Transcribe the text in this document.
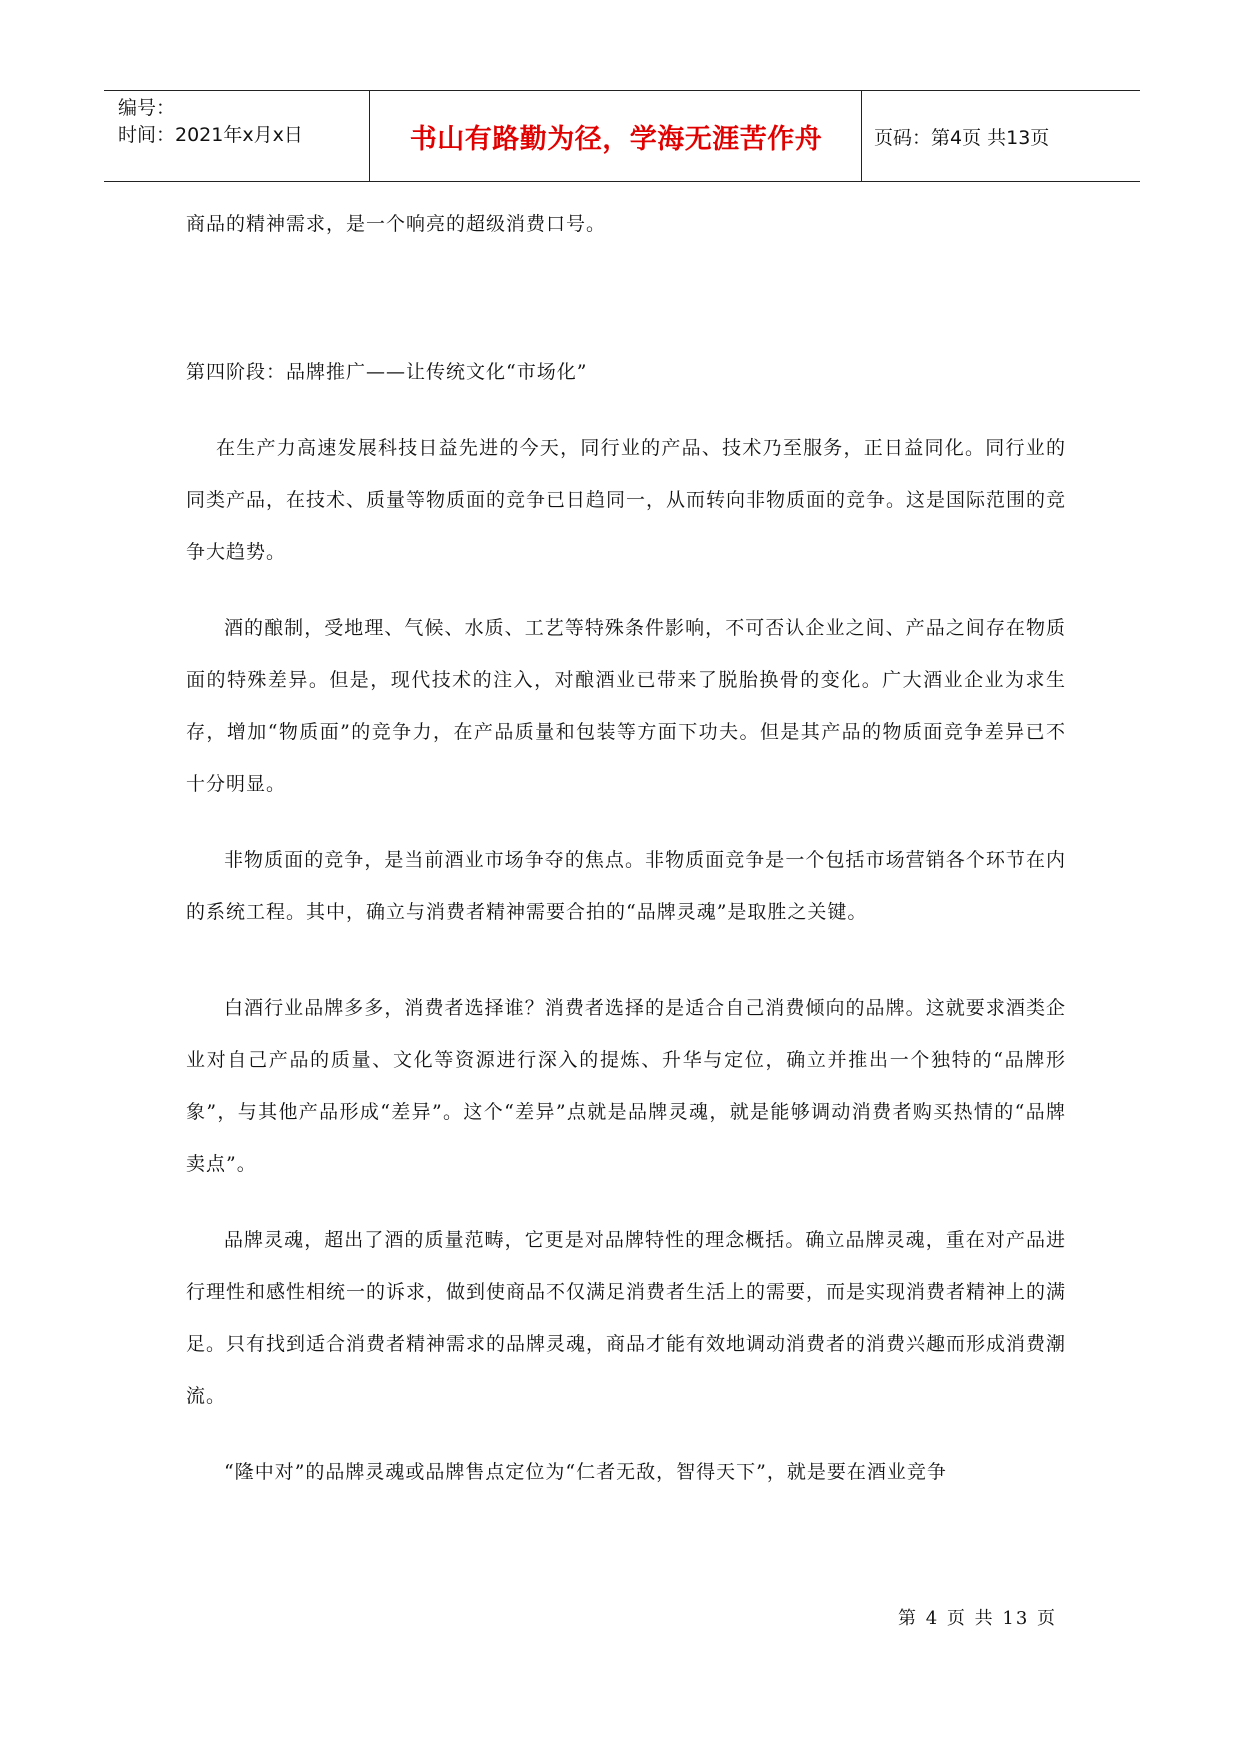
编号：
时间：2021年x月x日	书山有路勤为径，学海无涯苦作舟	页码：第4页 共13页

商品的精神需求，是一个响亮的超级消费口号。

第四阶段：品牌推广——让传统文化“市场化”

在生产力高速发展科技日益先进的今天，同行业的产品、技术乃至服务，正日益同化。同行业的同类产品，在技术、质量等物质面的竞争已日趋同一，从而转向非物质面的竞争。这是国际范围的竞争大趋势。

酒的酿制，受地理、气候、水质、工艺等特殊条件影响，不可否认企业之间、产品之间存在物质面的特殊差异。但是，现代技术的注入，对酿酒业已带来了脱胎换骨的变化。广大酒业企业为求生存，增加“物质面”的竞争力，在产品质量和包装等方面下功夫。但是其产品的物质面竞争差异已不十分明显。

非物质面的竞争，是当前酒业市场争夺的焦点。非物质面竞争是一个包括市场营销各个环节在内的系统工程。其中，确立与消费者精神需要合拍的“品牌灵魂”是取胜之关键。

白酒行业品牌多多，消费者选择谁？消费者选择的是适合自己消费倾向的品牌。这就要求酒类企业对自己产品的质量、文化等资源进行深入的提炼、升华与定位，确立并推出一个独特的“品牌形象”，与其他产品形成“差异”。这个“差异”点就是品牌灵魂，就是能够调动消费者购买热情的“品牌卖点”。

品牌灵魂，超出了酒的质量范畴，它更是对品牌特性的理念概括。确立品牌灵魂，重在对产品进行理性和感性相统一的诉求，做到使商品不仅满足消费者生活上的需要，而是实现消费者精神上的满足。只有找到适合消费者精神需求的品牌灵魂，商品才能有效地调动消费者的消费兴趣而形成消费潮流。

“隆中对”的品牌灵魂或品牌售点定位为“仁者无敌，智得天下”，就是要在酒业竞争

第 4 页 共 13 页
